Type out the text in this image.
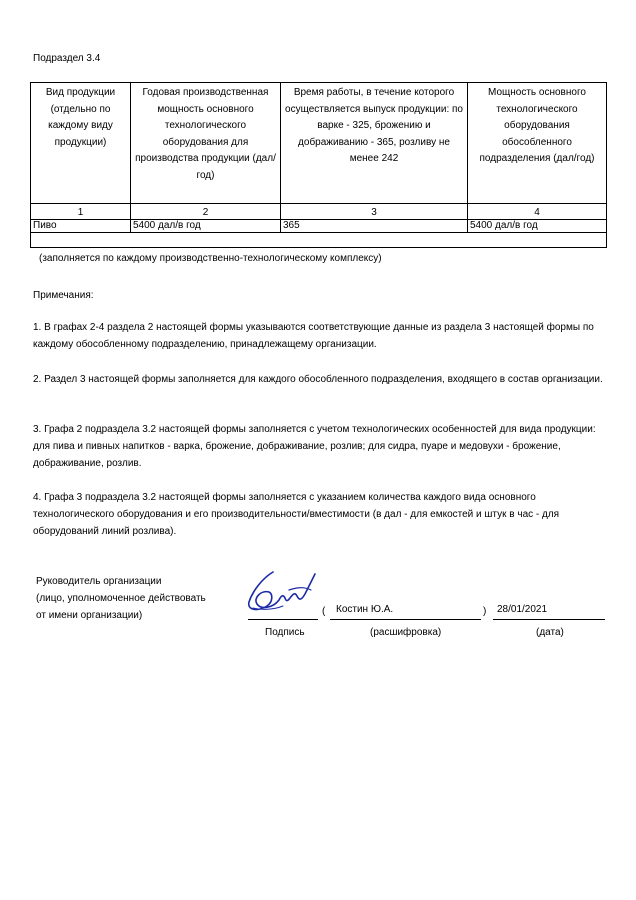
Подраздел 3.4
Вид продукции (отдельно по каждому виду продукции)	Годовая производственная мощность основного технологического оборудования для производства продукции (дал/год)	Время работы, в течение которого осуществляется выпуск продукции: по варке - 325, брожению и дображиванию - 365, розливу не менее 242	Мощность основного технологического оборудования обособленного подразделения (дал/год)
1	2	3	4
Пиво	5400 дал/в год	365	5400 дал/в год

(заполняется по каждому производственно-технологическому комплексу)
Примечания:
1. В графах 2-4 раздела 2 настоящей формы указываются соответствующие данные из раздела 3 настоящей формы по каждому обособленному подразделению, принадлежащему организации.
2. Раздел 3 настоящей формы заполняется для каждого обособленного подразделения, входящего в состав организации.
3. Графа 2 подраздела 3.2 настоящей формы заполняется с учетом технологических особенностей для вида продукции: для пива и пивных напитков - варка, брожение, дображивание, розлив; для сидра, пуаре и медовухи - брожение, дображивание, розлив.
4. Графа 3 подраздела 3.2 настоящей формы заполняется с указанием количества каждого вида основного технологического оборудования и его производительности/вместимости (в дал - для емкостей и штук в час - для оборудований линий розлива).
Руководитель организации
(лицо, уполномоченное действовать
от имени организации)
Подпись
( Костин Ю.А.	)
(расшифровка)
28/01/2021
(дата)
